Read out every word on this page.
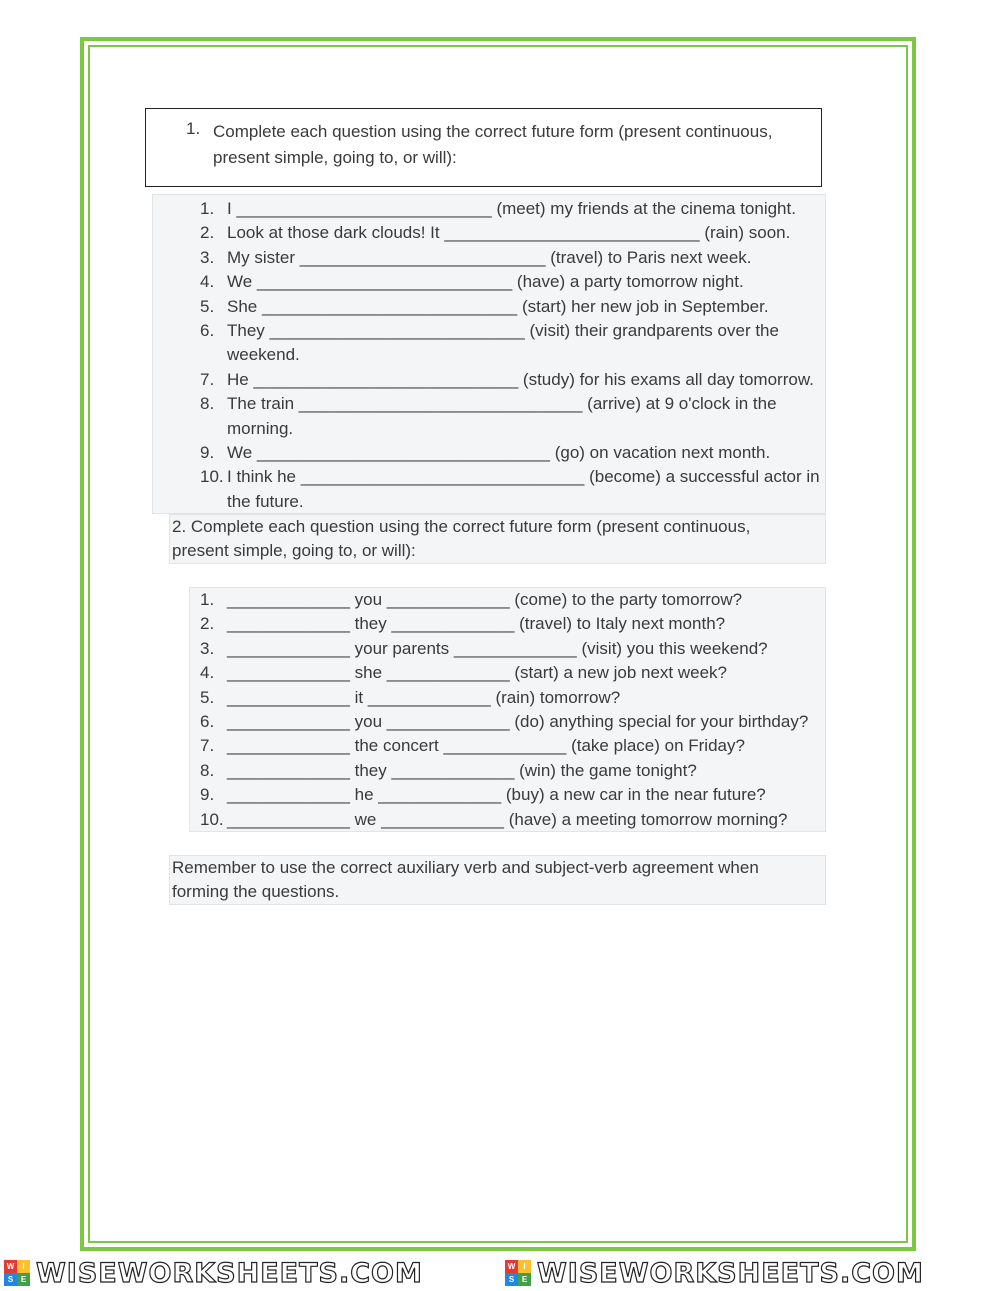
1. Complete each question using the correct future form (present continuous, present simple, going to, or will):
1. I ___________________________ (meet) my friends at the cinema tonight.
2. Look at those dark clouds! It ___________________________ (rain) soon.
3. My sister __________________________ (travel) to Paris next week.
4. We ___________________________ (have) a party tomorrow night.
5. She ___________________________ (start) her new job in September.
6. They ___________________________ (visit) their grandparents over the
weekend.
7. He ____________________________ (study) for his exams all day tomorrow.
8. The train ______________________________ (arrive) at 9 o'clock in the
morning.
9. We _______________________________ (go) on vacation next month.
10. I think he ______________________________ (become) a successful actor in
the future.
2. Complete each question using the correct future form (present continuous,
present simple, going to, or will):
1. _____________ you _____________ (come) to the party tomorrow?
2. _____________ they _____________ (travel) to Italy next month?
3. _____________ your parents _____________ (visit) you this weekend?
4. _____________ she _____________ (start) a new job next week?
5. _____________ it _____________ (rain) tomorrow?
6. _____________ you _____________ (do) anything special for your birthday?
7. _____________ the concert _____________ (take place) on Friday?
8. _____________ they _____________ (win) the game tonight?
9. _____________ he _____________ (buy) a new car in the near future?
10. _____________ we _____________ (have) a meeting tomorrow morning?
Remember to use the correct auxiliary verb and subject-verb agreement when
forming the questions.
W	I
S E WISEWORKSHEETS.COM	W	I
S E WISEWORKSHEETS.COM
